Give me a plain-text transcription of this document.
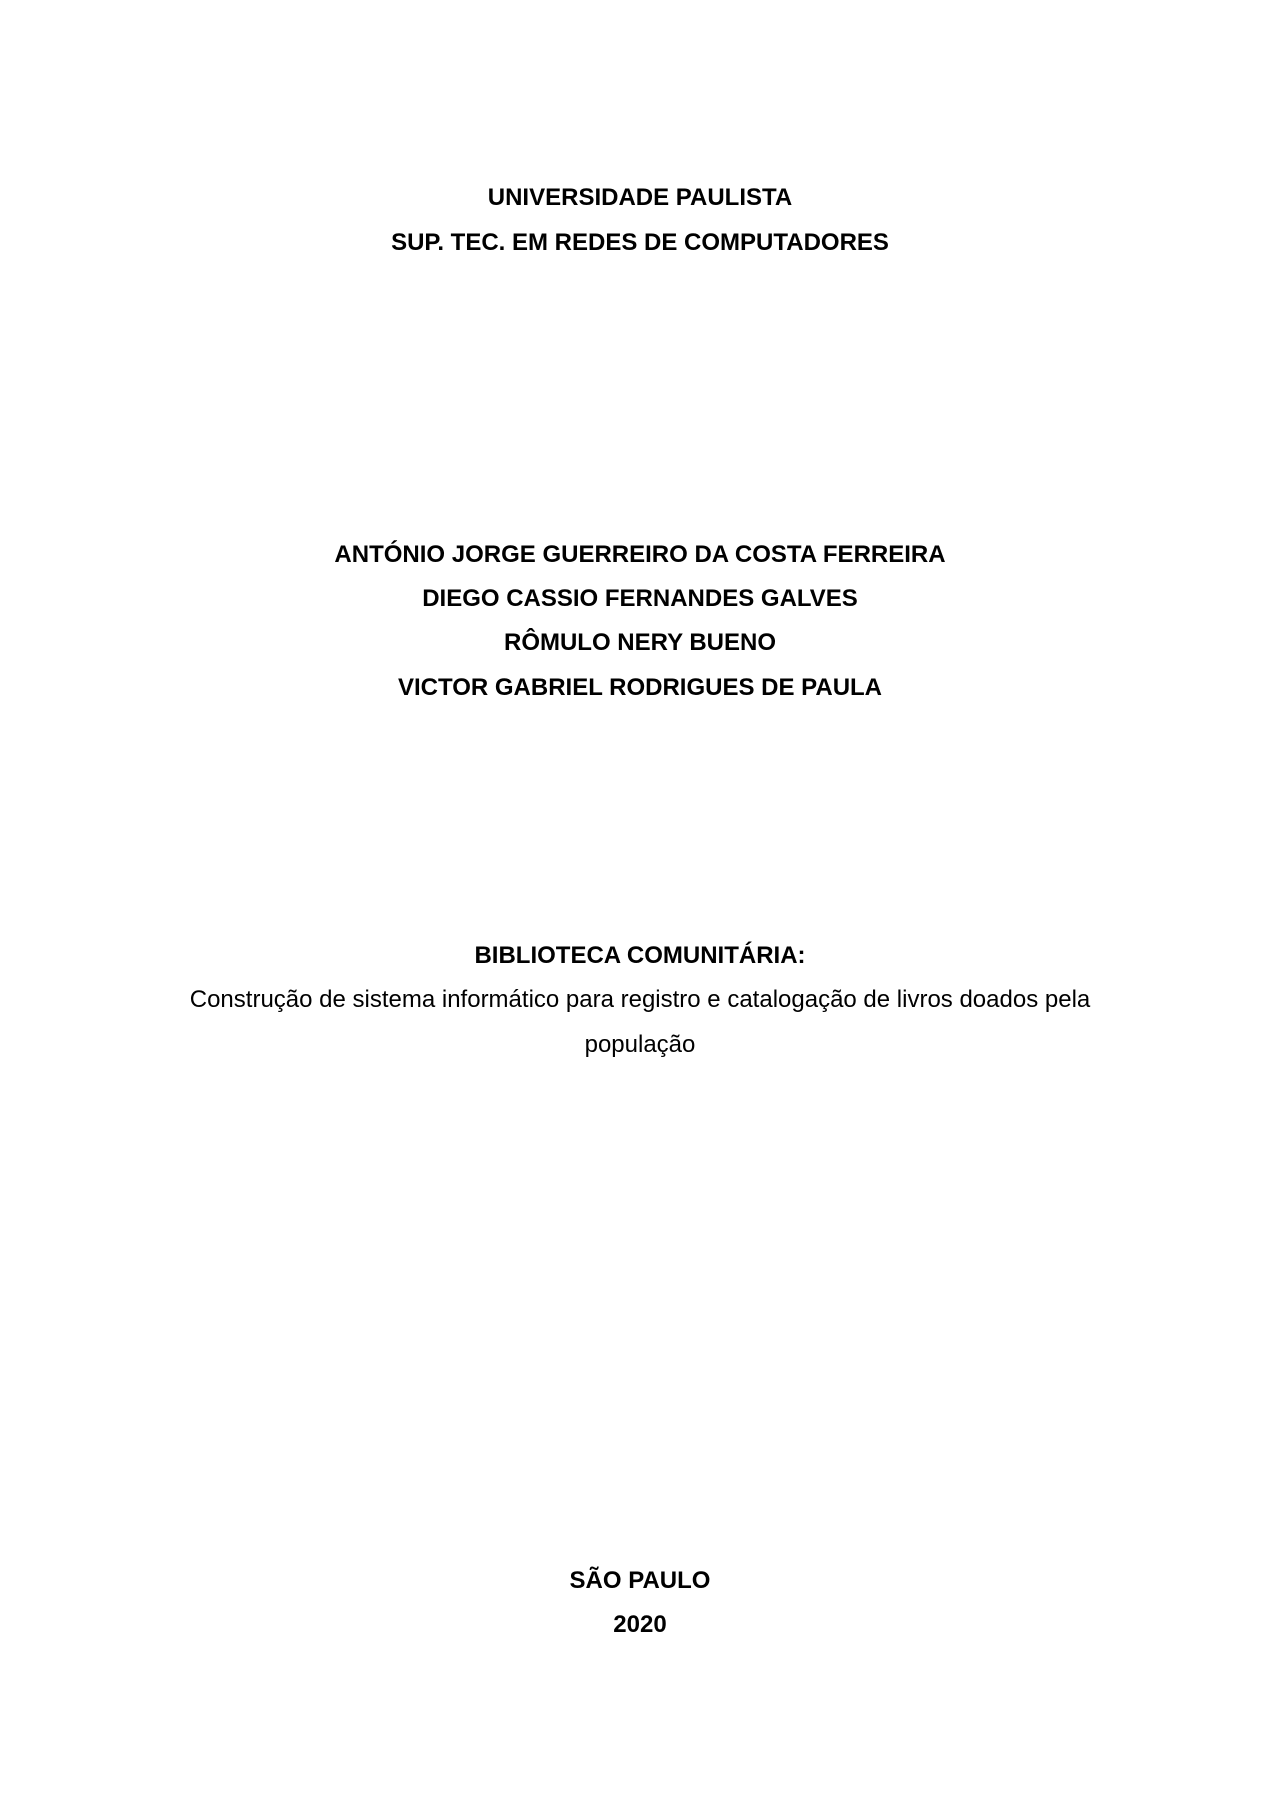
UNIVERSIDADE PAULISTA
SUP. TEC. EM REDES DE COMPUTADORES
ANTÓNIO JORGE GUERREIRO DA COSTA FERREIRA
DIEGO CASSIO FERNANDES GALVES
RÔMULO NERY BUENO
VICTOR GABRIEL RODRIGUES DE PAULA
BIBLIOTECA COMUNITÁRIA:
Construção de sistema informático para registro e catalogação de livros doados pela
população
SÃO PAULO
2020
